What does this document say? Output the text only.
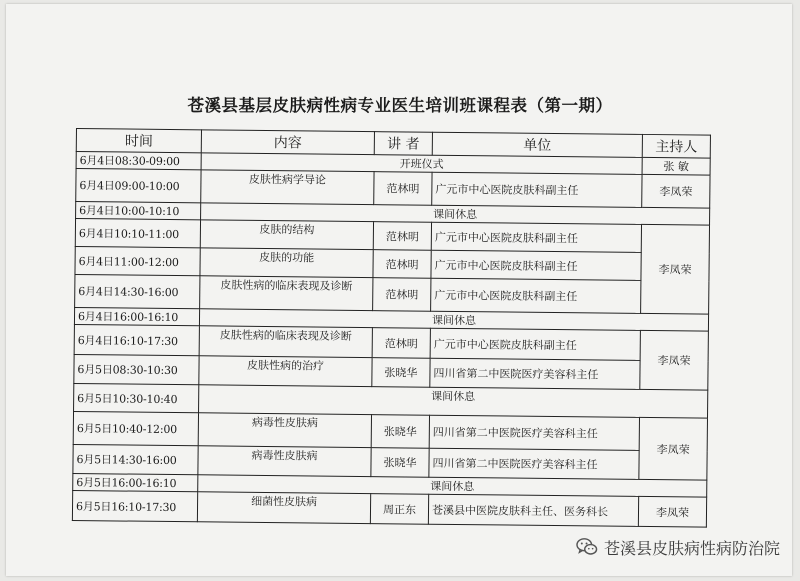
苍溪县基层皮肤病性病专业医生培训班课程表（第一期）
时间	内容	讲 者	单位	主持人
6月4日08:30-09:00	开班仪式			张 敏
6月4日09:00-10:00	皮肤性病学导论	范林明	广元市中心医院皮肤科副主任	李凤荣
6月4日10:00-10:10	课间休息			
6月4日10:10-11:00	皮肤的结构	范林明	广元市中心医院皮肤科副主任	李凤荣
6月4日11:00-12:00	皮肤的功能	范林明	广元市中心医院皮肤科副主任	
6月4日14:30-16:00	皮肤性病的临床表现及诊断	范林明	广元市中心医院皮肤科副主任	
6月4日16:00-16:10	课间休息			
6月4日16:10-17:30	皮肤性病的临床表现及诊断	范林明	广元市中心医院皮肤科副主任	李凤荣
6月5日08:30-10:30	皮肤性病的治疗	张晓华	四川省第二中医院医疗美容科主任	
6月5日10:30-10:40	课间休息			
6月5日10:40-12:00	病毒性皮肤病	张晓华	四川省第二中医院医疗美容科主任	李凤荣
6月5日14:30-16:00	病毒性皮肤病	张晓华	四川省第二中医院医疗美容科主任	
6月5日16:00-16:10	课间休息			
6月5日16:10-17:30	细菌性皮肤病	周正东	苍溪县中医院皮肤科主任、医务科长	李凤荣
苍溪县皮肤病性病防治院
